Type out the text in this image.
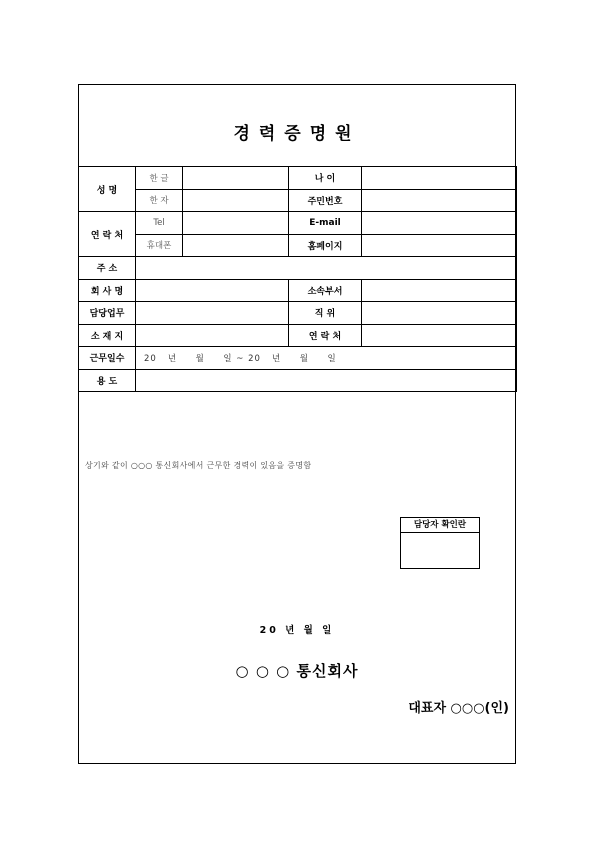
경력증명원
성 명	한 글		나 이	
	한 자		주민번호	
연 락 처	Tel		E-mail	
	휴대폰		홈페이지	
주 소				
회 사 명			소속부서	
담당업무			직 위	
소 재 지			연 락 처	
근무일수	20   년     월     일 ~ 20   년     월     일			
용 도				
상기와 같이 ○○○ 통신회사에서 근무한 경력이 있음을 증명함
담당자 확인란
20 년 월 일
○ ○ ○ 통신회사
대표자 ○○○(인)
